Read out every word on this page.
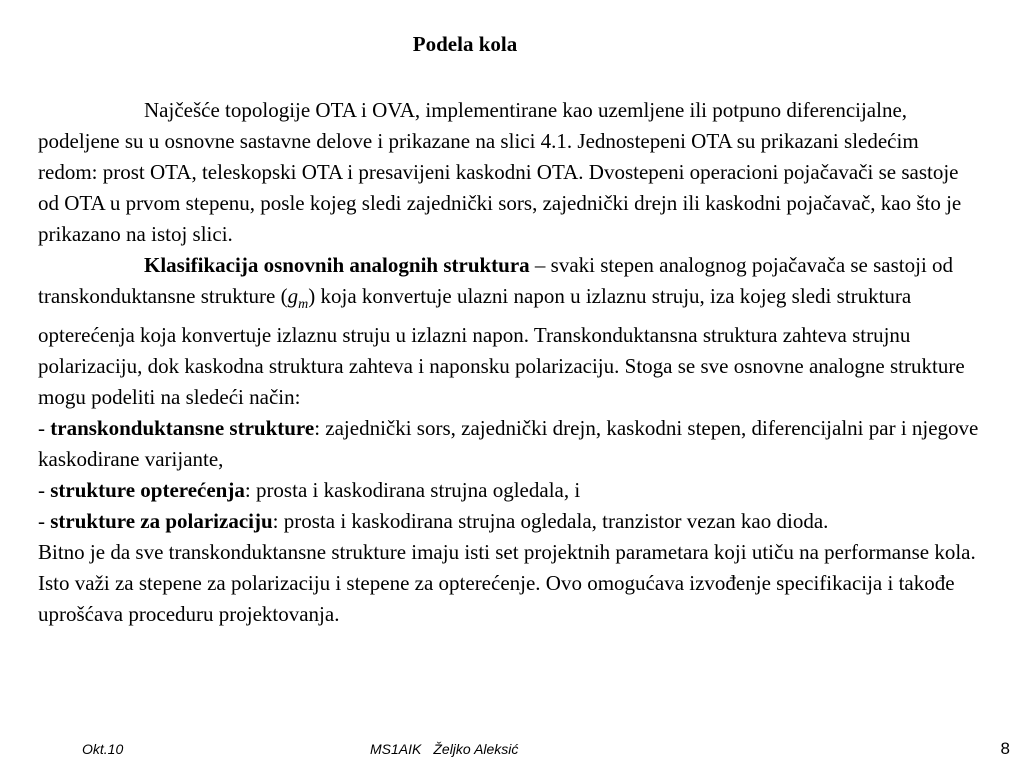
Podela kola

Najčešće topologije OTA i OVA, implementirane kao uzemljene ili potpuno diferencijalne, podeljene su u osnovne sastavne delove i prikazane na slici 4.1. Jednostepeni OTA su prikazani sledećim redom: prost OTA, teleskopski OTA i presavijeni kaskodni OTA. Dvostepeni operacioni pojačavači se sastoje od OTA u prvom stepenu, posle kojeg sledi zajednički sors, zajednički drejn ili kaskodni pojačavač, kao što je prikazano na istoj slici.

Klasifikacija osnovnih analognih struktura – svaki stepen analognog pojačavača se sastoji od transkonduktansne strukture $(g_m)$ koja konvertuje ulazni napon u izlaznu struju, iza kojeg sledi struktura opterećenja koja konvertuje izlaznu struju u izlazni napon. Transkonduktansna struktura zahteva strujnu polarizaciju, dok kaskodna struktura zahteva i naponsku polarizaciju. Stoga se sve osnovne analogne strukture mogu podeliti na sledeći način:

- transkonduktansne strukture: zajednički sors, zajednički drejn, kaskodni stepen, diferencijalni par i njegove kaskodirane varijante,

- strukture opterećenja: prosta i kaskodirana strujna ogledala, i

- strukture za polarizaciju: prosta i kaskodirana strujna ogledala, tranzistor vezan kao dioda.

Bitno je da sve transkonduktansne strukture imaju isti set projektnih parametara koji utiču na performanse kola. Isto važi za stepene za polarizaciju i stepene za opterećenje. Ovo omogućava izvođenje specifikacija i takođe uprošćava proceduru projektovanja.

Okt.10	MS1AIK Željko Aleksić	8
